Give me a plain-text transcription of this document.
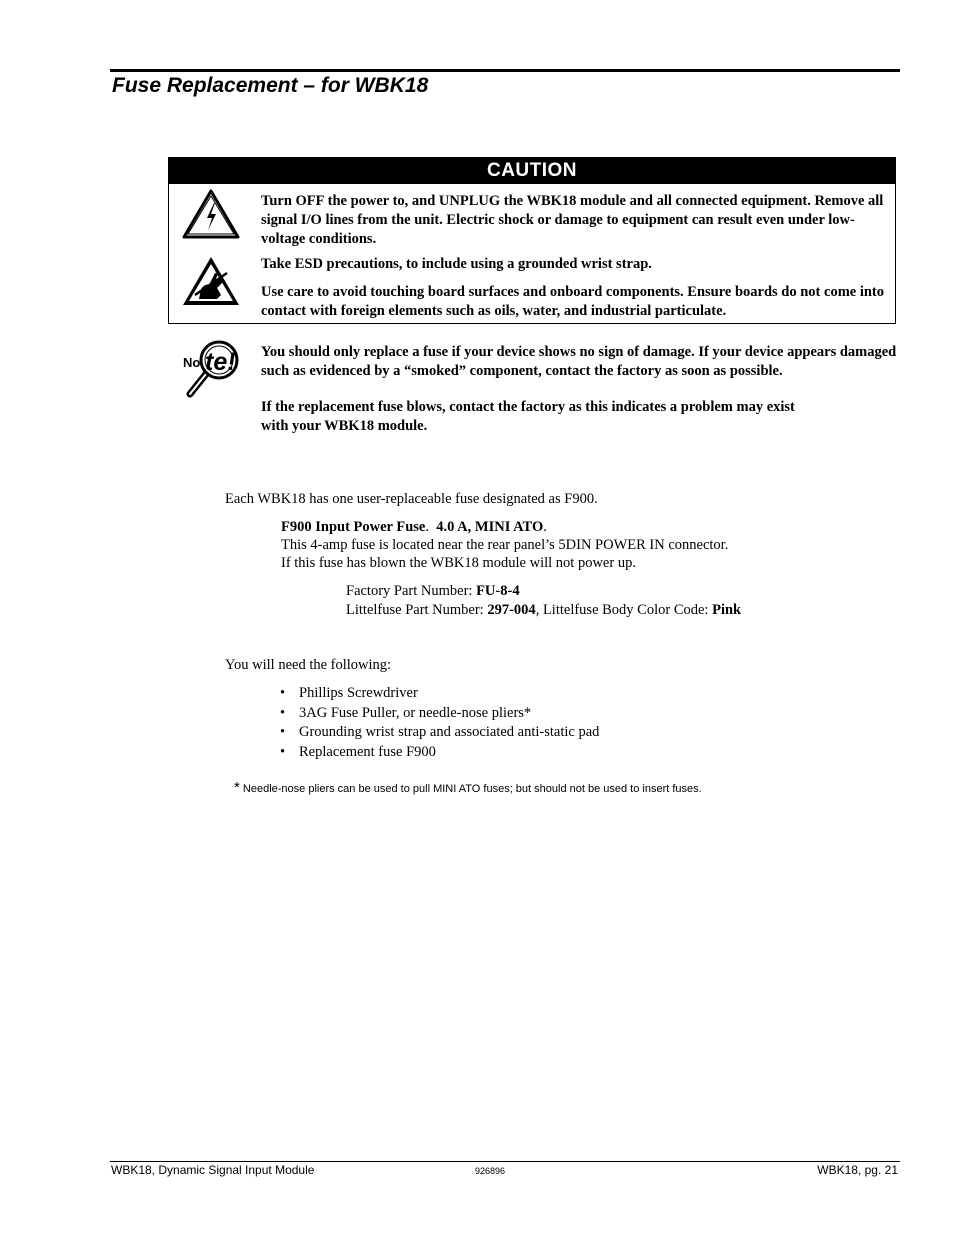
Fuse Replacement – for WBK18
CAUTION
Turn OFF the power to, and UNPLUG the WBK18 module and all connected equipment. Remove all signal I/O lines from the unit. Electric shock or damage to equipment can result even under low-voltage conditions.
Take ESD precautions, to include using a grounded wrist strap.
Use care to avoid touching board surfaces and onboard components. Ensure boards do not come into contact with foreign elements such as oils, water, and industrial particulate.
No te! You should only replace a fuse if your device shows no sign of damage. If your device appears damaged such as evidenced by a “smoked” component, contact the factory as soon as possible.
If the replacement fuse blows, contact the factory as this indicates a problem may exist with your WBK18 module.
Each WBK18 has one user-replaceable fuse designated as F900.
F900 Input Power Fuse.  4.0 A, MINI ATO.
This 4-amp fuse is located near the rear panel’s 5DIN POWER IN connector.
If this fuse has blown the WBK18 module will not power up.
Factory Part Number: FU-8-4
Littelfuse Part Number: 297-004, Littelfuse Body Color Code: Pink
You will need the following:
• Phillips Screwdriver
• 3AG Fuse Puller, or needle-nose pliers*
• Grounding wrist strap and associated anti-static pad
• Replacement fuse F900
* Needle-nose pliers can be used to pull MINI ATO fuses; but should not be used to insert fuses.
WBK18, Dynamic Signal Input Module	926896	WBK18, pg. 21
